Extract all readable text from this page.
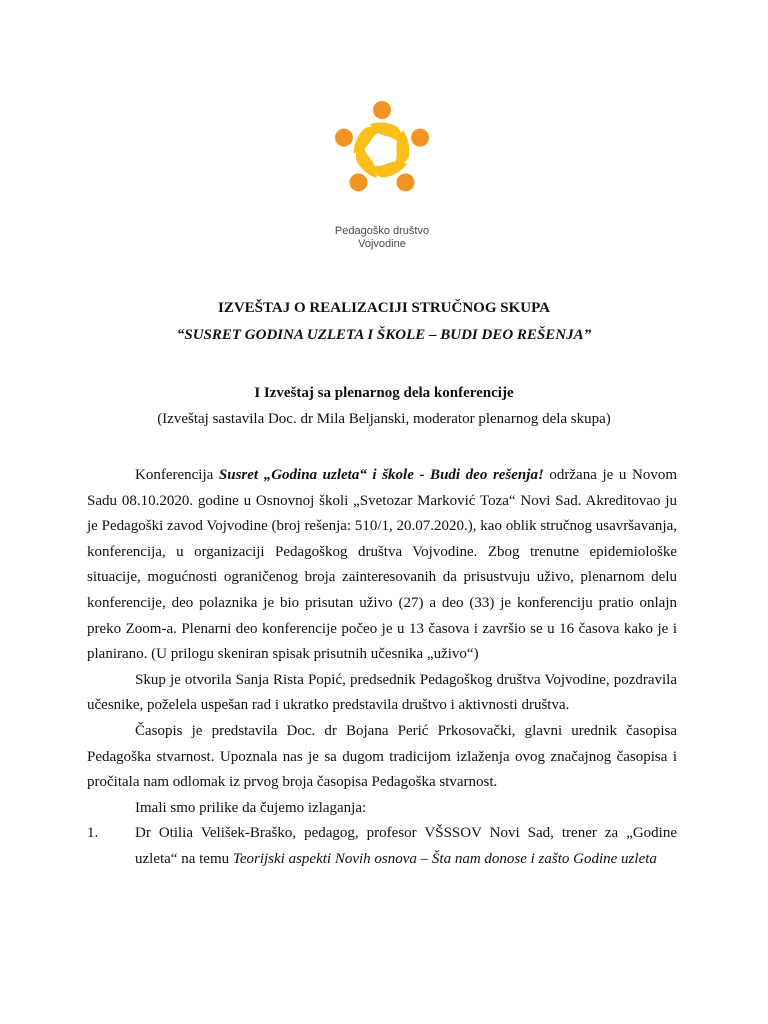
Pedagoško društvo
Vojvodine
IZVEŠTAJ O REALIZACIJI STRUČNOG SKUPA
“SUSRET GODINA UZLETA I ŠKOLE – BUDI DEO REŠENJA”
I Izveštaj sa plenarnog dela konferencije
(Izveštaj sastavila Doc. dr Mila Beljanski, moderator plenarnog dela skupa)

Konferencija Susret „Godina uzleta“ i škole - Budi deo rešenja! održana je u Novom Sadu 08.10.2020. godine u Osnovnoj školi „Svetozar Marković Toza“ Novi Sad. Akreditovao ju je Pedagoški zavod Vojvodine (broj rešenja: 510/1, 20.07.2020.), kao oblik stručnog usavršavanja, konferencija, u organizaciji Pedagoškog društva Vojvodine. Zbog trenutne epidemiološke situacije, mogućnosti ograničenog broja zainteresovanih da prisustvuju uživo, plenarnom delu konferencije, deo polaznika je bio prisutan uživo (27) a deo (33) je konferenciju pratio onlajn preko Zoom-a. Plenarni deo konferencije počeo je u 13 časova i završio se u 16 časova kako je i planirano. (U prilogu skeniran spisak prisutnih učesnika „uživo“)

Skup je otvorila Sanja Rista Popić, predsednik Pedagoškog društva Vojvodine, pozdravila učesnike, poželela uspešan rad i ukratko predstavila društvo i aktivnosti društva.

Časopis je predstavila Doc. dr Bojana Perić Prkosovački, glavni urednik časopisa Pedagoška stvarnost. Upoznala nas je sa dugom tradicijom izlaženja ovog značajnog časopisa i pročitala nam odlomak iz prvog broja časopisa Pedagoška stvarnost.

Imali smo prilike da čujemo izlaganja:

1.	Dr Otilia Velišek-Braško, pedagog, profesor VŠSSOV Novi Sad, trener za „Godine uzleta“ na temu Teorijski aspekti Novih osnova – Šta nam donose i zašto Godine uzleta
